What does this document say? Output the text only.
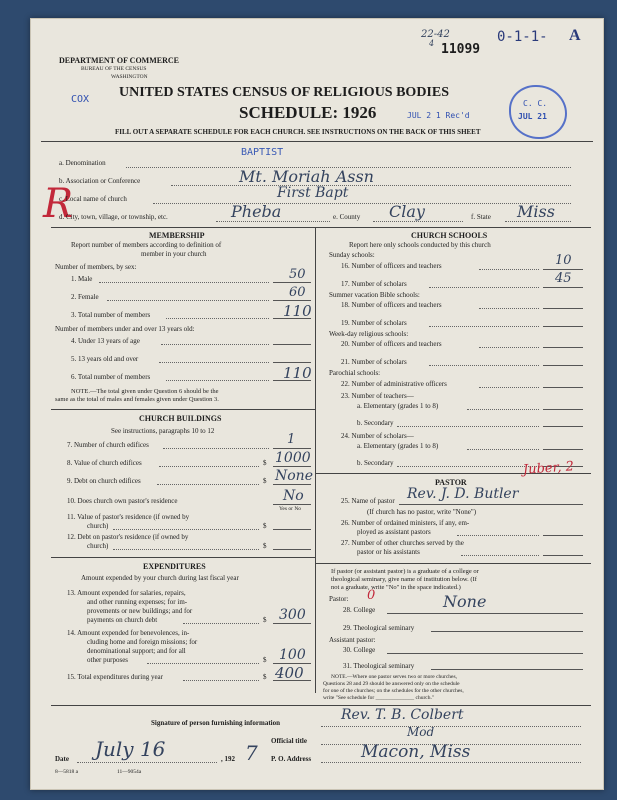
DEPARTMENT OF COMMERCE
BUREAU OF THE CENSUS
WASHINGTON
COX UNITED STATES CENSUS OF RELIGIOUS BODIES
SCHEDULE: 1926	JUL 2 1 Rec'd
22-42
4 11099
0-1-1- A
C. C.
JUL 21
FILL OUT A SEPARATE SCHEDULE FOR EACH CHURCH. SEE INSTRUCTIONS ON THE BACK OF THIS SHEET
R
BAPTIST
a. Denomination
b. Association or Conference	Mt. Moriah Assn
c. Local name of church	First Bapt
d. City, town, village, or township, etc.	Pheba	e. County Clay	f. State Miss
MEMBERSHIP
Report number of members according to definition of
member in your church
Number of members, by sex:
1. Male	50
2. Female	60
3. Total number of members	110
Number of members under and over 13 years old:
4. Under 13 years of age
5. 13 years old and over
6. Total number of members	110
NOTE.—The total given under Question 6 should be the
same as the total of males and females given under Question 3.
CHURCH BUILDINGS
See instructions, paragraphs 10 to 12
7. Number of church edifices	1
8. Value of church edifices	$ 1000
9. Debt on church edifices	$ None
10. Does church own pastor's residence	No
Yes or No
11. Value of pastor's residence (if owned by
church)	$
12. Debt on pastor's residence (if owned by
church)	$
EXPENDITURES
Amount expended by your church during last fiscal year
13. Amount expended for salaries, repairs,
and other running expenses; for im-
provements or new buildings; and for
payments on church debt	$ 300
14. Amount expended for benevolences, in-
cluding home and foreign missions; for
denominational support; and for all
other purposes	$ 100
15. Total expenditures during year	$ 400
CHURCH SCHOOLS
Report here only schools conducted by this church
Sunday schools:
16. Number of officers and teachers	10
17. Number of scholars	45
Summer vacation Bible schools:
18. Number of officers and teachers
19. Number of scholars
Week-day religious schools:
20. Number of officers and teachers
21. Number of scholars
Parochial schools:
22. Number of administrative officers
23. Number of teachers—
a. Elementary (grades 1 to 8)
b. Secondary
24. Number of scholars—
a. Elementary (grades 1 to 8)
b. Secondary
PASTOR
Juber, 2
25. Name of pastor Rev. J. D. Butler
(If church has no pastor, write "None")
26. Number of ordained ministers, if any, em-
ployed as assistant pastors
27. Number of other churches served by the
pastor or his assistants
If pastor (or assistant pastor) is a graduate of a college or
theological seminary, give name of institution below. (If
not a graduate, write "No" in the space indicated.)
Pastor: 0
28. College	None
29. Theological seminary
Assistant pastor:
30. College
31. Theological seminary
NOTE.—Where one pastor serves two or more churches,
Questions 28 and 29 should be answered only on the schedule
for one of the churches; on the schedules for the other churches,
write "See schedule for ______________ church."
Signature of person furnishing information	Rev. T. B. Colbert
Official title
Mod
Date July 16	, 192 7 P. O. Address	Macon, Miss
8—5818 a	11—9054a
